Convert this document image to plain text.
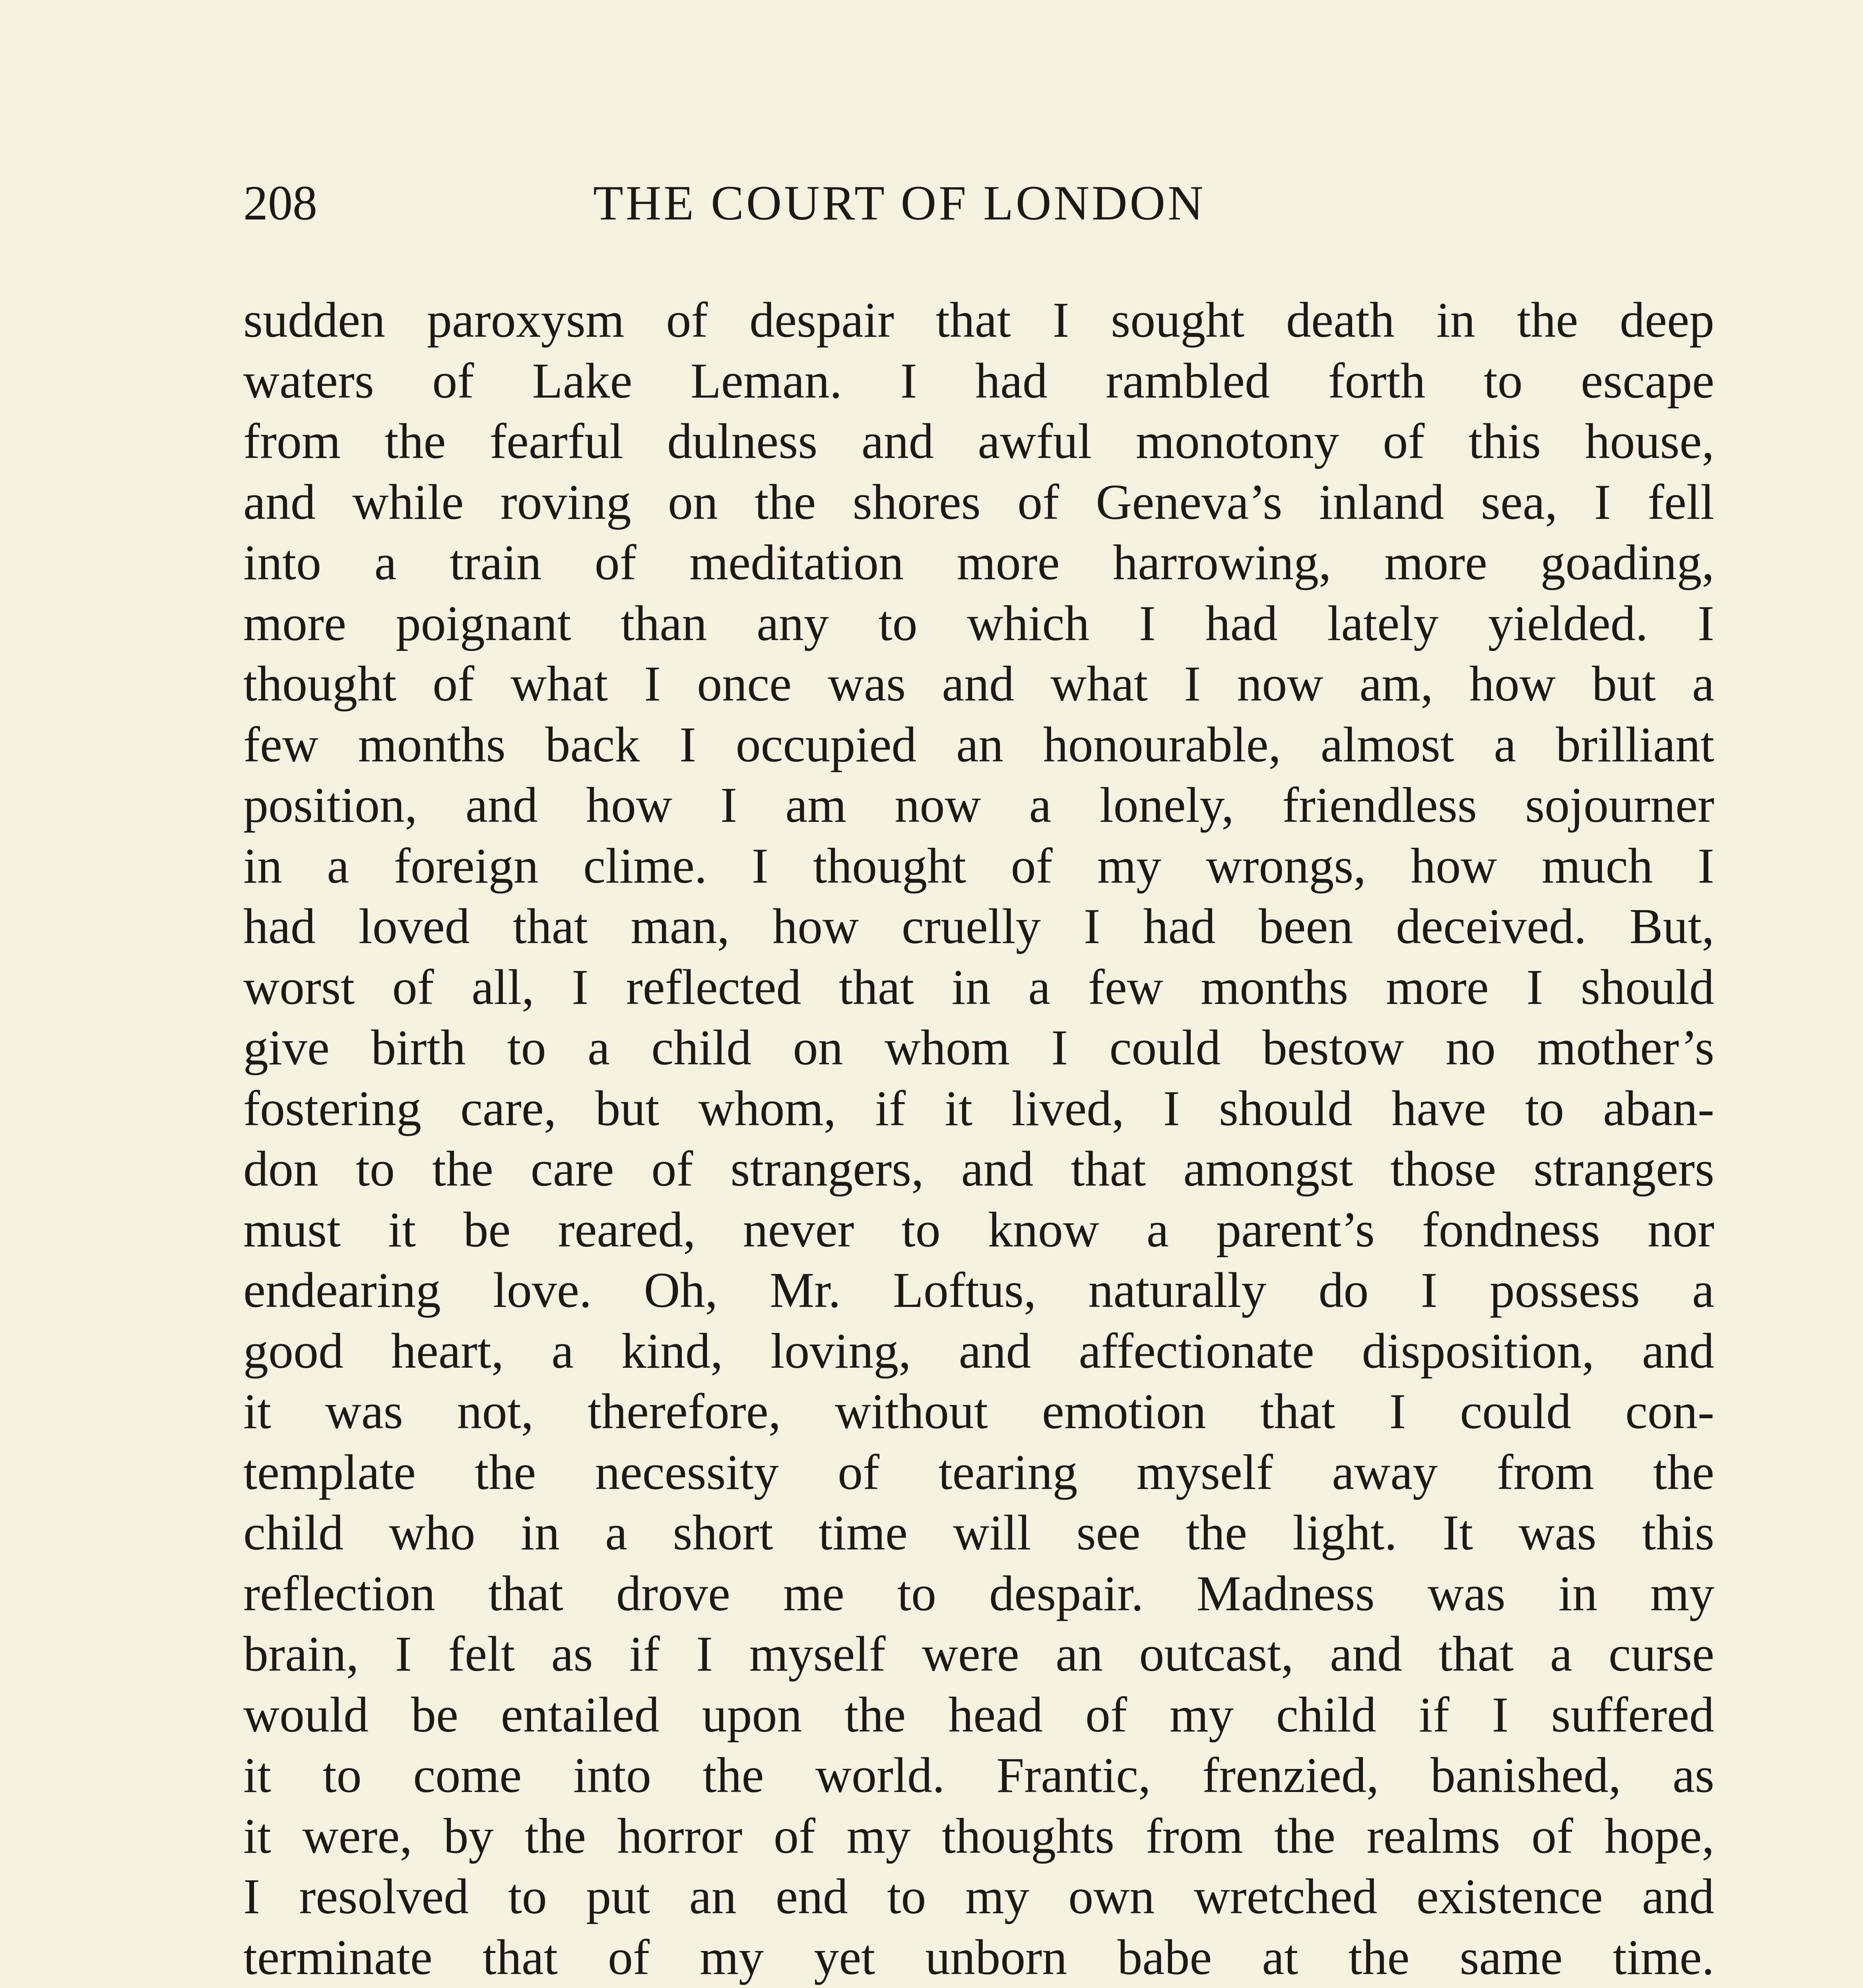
208	THE COURT OF LONDON

sudden paroxysm of despair that I sought death in the deep

waters of Lake Leman. I had rambled forth to escape

from the fearful dulness and awful monotony of this house,

and while roving on the shores of Geneva’s inland sea, I fell

into a train of meditation more harrowing, more goading,

more poignant than any to which I had lately yielded. I

thought of what I once was and what I now am, how but a

few months back I occupied an honourable, almost a brilliant

position, and how I am now a lonely, friendless sojourner

in a foreign clime. I thought of my wrongs, how much I

had loved that man, how cruelly I had been deceived. But,

worst of all, I reflected that in a few months more I should

give birth to a child on whom I could bestow no mother’s

fostering care, but whom, if it lived, I should have to aban-

don to the care of strangers, and that amongst those strangers

must it be reared, never to know a parent’s fondness nor

endearing love. Oh, Mr. Loftus, naturally do I possess a

good heart, a kind, loving, and affectionate disposition, and

it was not, therefore, without emotion that I could con-

template the necessity of tearing myself away from the

child who in a short time will see the light. It was this

reflection that drove me to despair. Madness was in my

brain, I felt as if I myself were an outcast, and that a curse

would be entailed upon the head of my child if I suffered

it to come into the world. Frantic, frenzied, banished, as

it were, by the horror of my thoughts from the realms of hope,

I resolved to put an end to my own wretched existence and

terminate that of my yet unborn babe at the same time.
